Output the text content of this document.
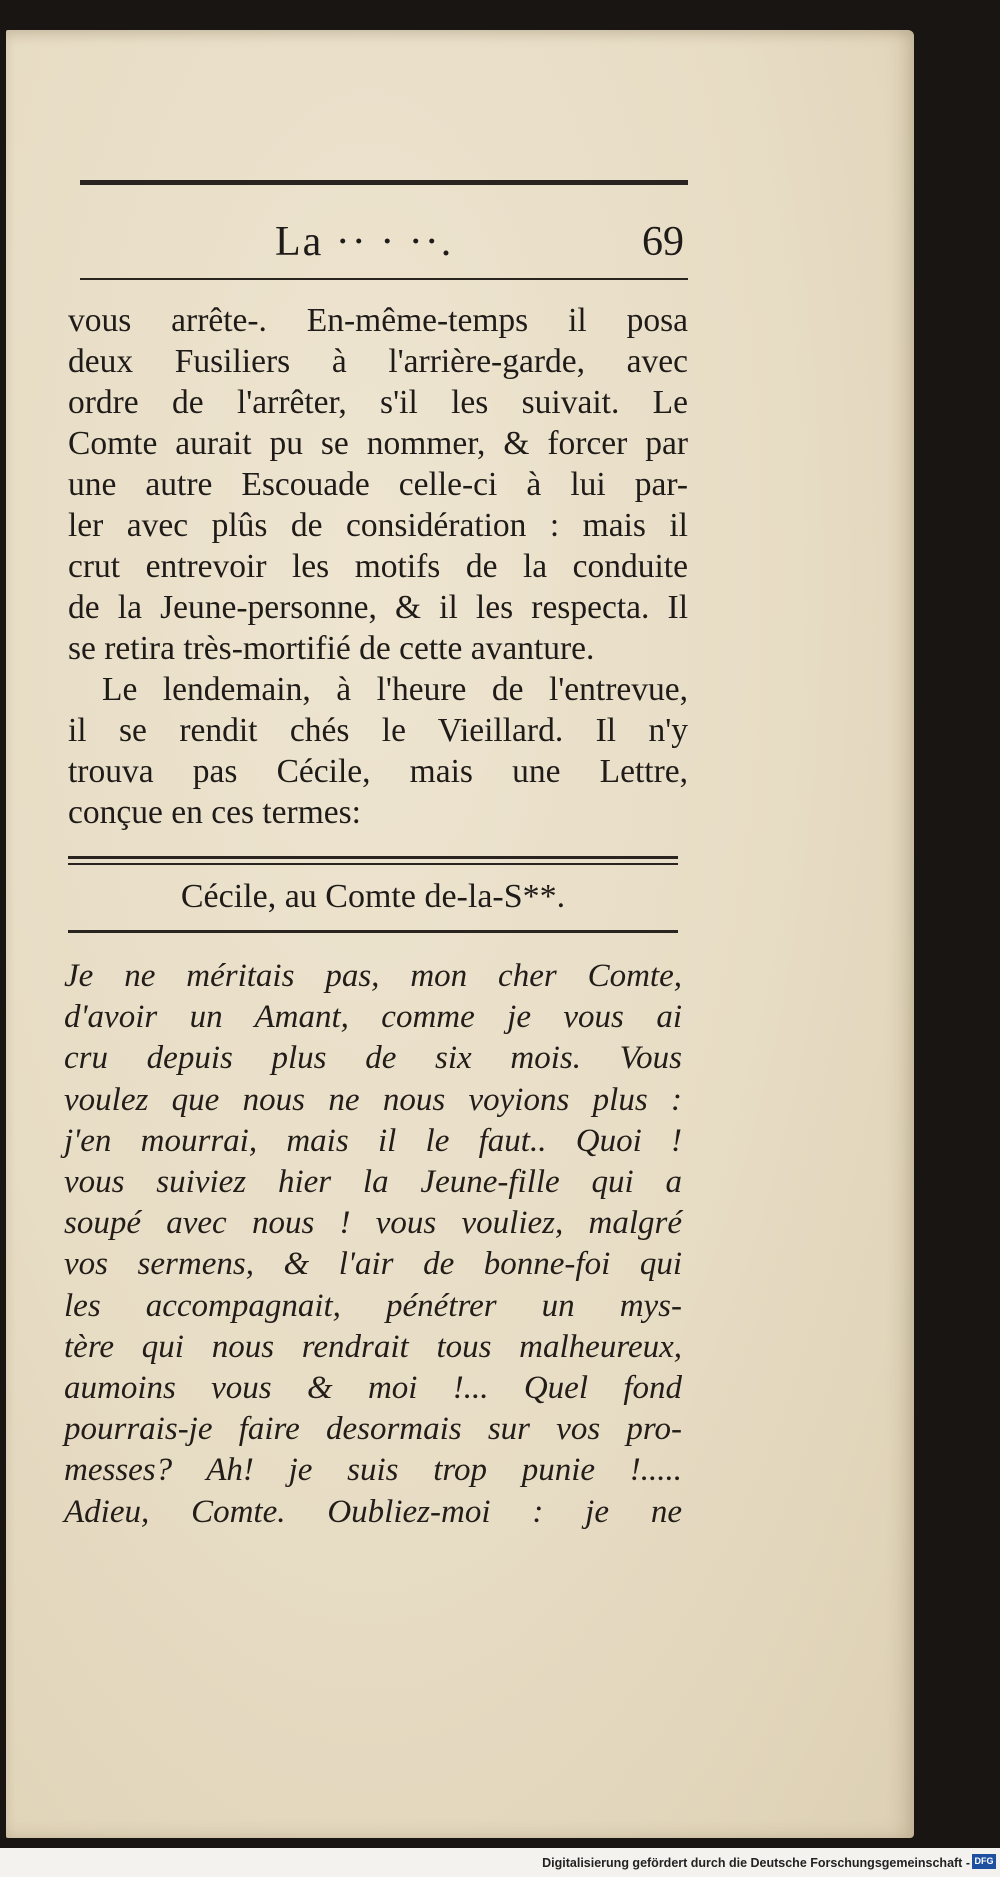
La ·· · ··.	69
vous arrête-. En-même-temps il posa
deux Fusiliers à l'arrière-garde, avec
ordre de l'arrêter, s'il les suivait. Le
Comte aurait pu se nommer, & forcer par
une autre Escouade celle-ci à lui par-
ler avec plûs de considération : mais il
crut entrevoir les motifs de la conduite
de la Jeune-personne, & il les respecta. Il
se retira très-mortifié de cette avanture.
Le lendemain, à l'heure de l'entrevue,
il se rendit chés le Vieillard. Il n'y
trouva pas Cécile, mais une Lettre,
conçue en ces termes:
Cécile, au Comte de-la-S**.
Je ne méritais pas, mon cher Comte,
d'avoir un Amant, comme je vous ai
cru depuis plus de six mois. Vous
voulez que nous ne nous voyions plus :
j'en mourrai, mais il le faut.. Quoi !
vous suiviez hier la Jeune-fille qui a
soupé avec nous ! vous vouliez, malgré
vos sermens, & l'air de bonne-foi qui
les accompagnait, pénétrer un mys-
tère qui nous rendrait tous malheureux,
aumoins vous & moi !... Quel fond
pourrais-je faire desormais sur vos pro-
messes? Ah! je suis trop punie !.....
Adieu, Comte. Oubliez-moi : je ne
Digitalisierung gefördert durch die Deutsche Forschungsgemeinschaft - DFG
